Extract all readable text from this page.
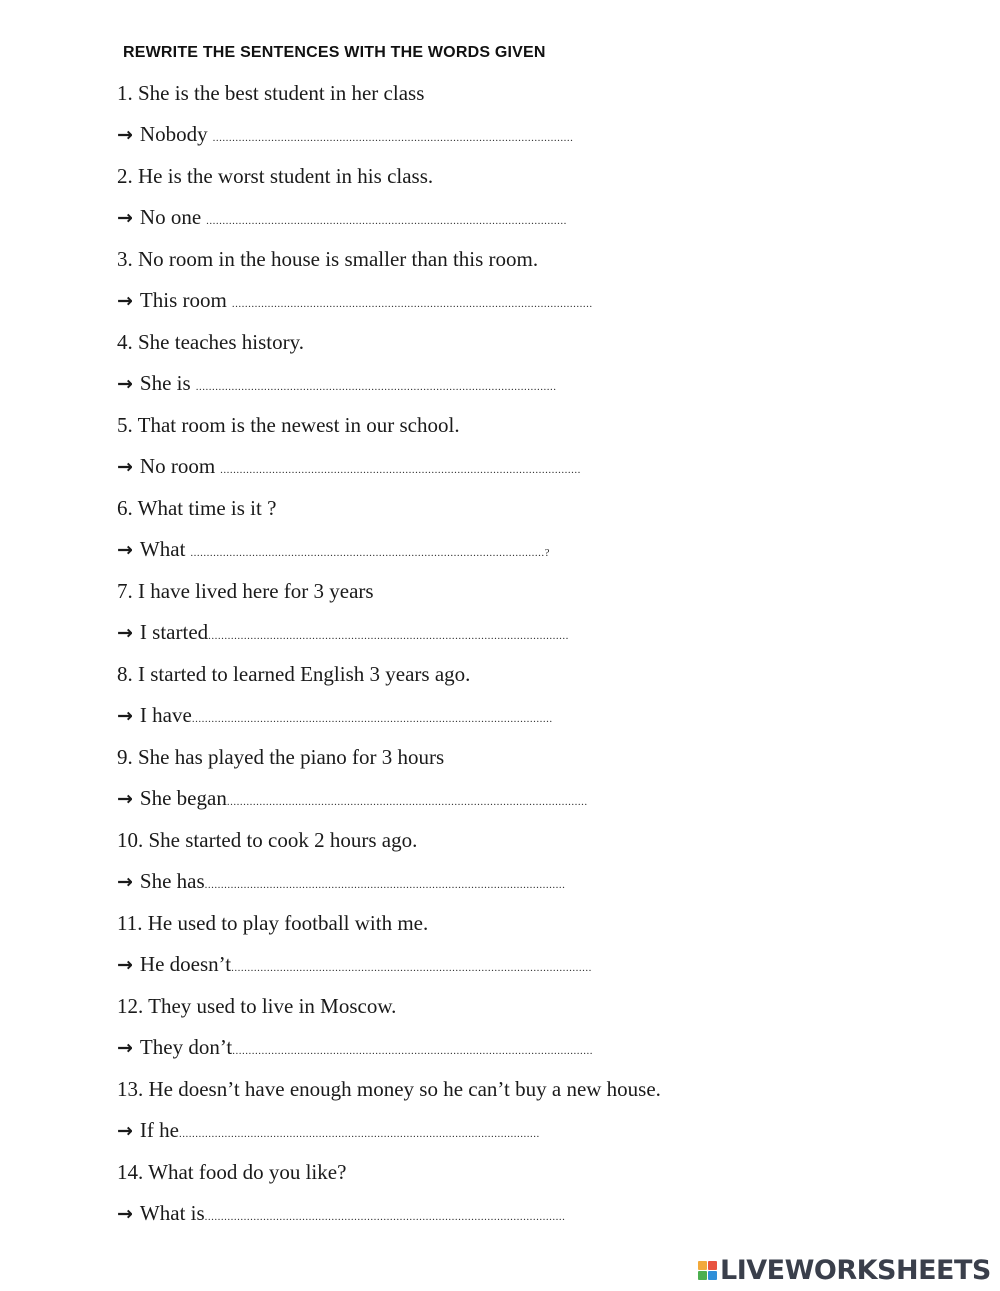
REWRITE THE SENTENCES WITH THE WORDS GIVEN
1. She is the best student in her class
→ Nobody ...............................................................................................................
2. He is the worst student in his class.
→ No one ...............................................................................................................
3. No room in the house is smaller than this room.
→ This room ...............................................................................................................
4. She teaches history.
→ She is ...............................................................................................................
5. That room is the newest in our school.
→ No room ...............................................................................................................
6. What time is it ?
→ What ............................................................................................................. ?
7. I have lived here for 3 years
→ I started ...............................................................................................................
8. I started to learned English 3 years ago.
→ I have ...............................................................................................................
9. She has played the piano for 3 hours
→ She began ...............................................................................................................
10. She started to cook 2 hours ago.
→ She has ...............................................................................................................
11. He used to play football with me.
→ He doesn’t ...............................................................................................................
12. They used to live in Moscow.
→ They don’t ...............................................................................................................
13. He doesn’t have enough money so he can’t buy a new house.
→ If he ...............................................................................................................
14. What food do you like?
→ What is ...............................................................................................................
LIVEWORKSHEETS
